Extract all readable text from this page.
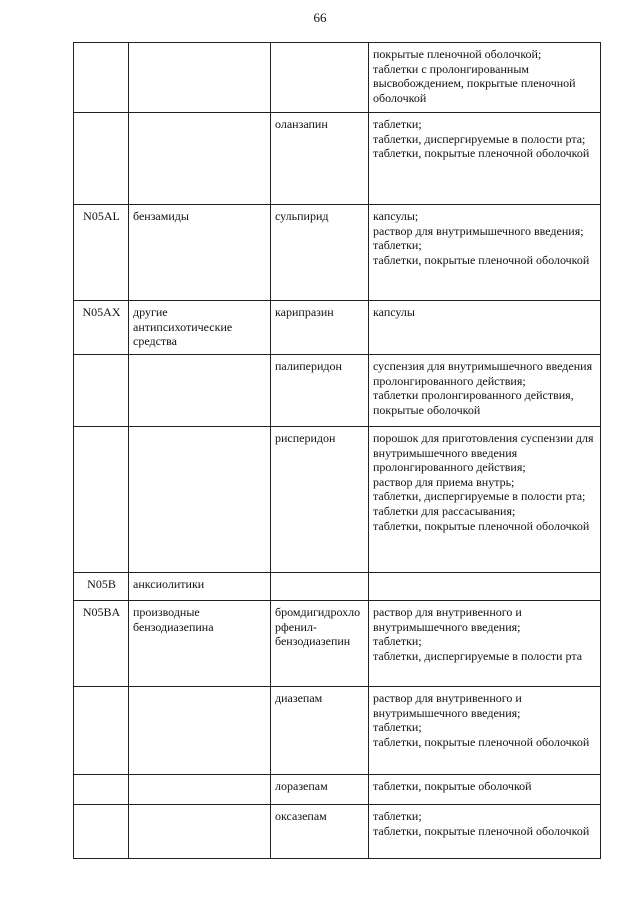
66

			покрытые пленочной оболочкой;
таблетки с пролонгированным высвобождением, покрытые пленочной оболочкой

		оланзапин	таблетки;
таблетки, диспергируемые в полости рта;
таблетки, покрытые пленочной оболочкой

N05AL	бензамиды	сульпирид	капсулы;
раствор для внутримышечного введения;
таблетки;
таблетки, покрытые пленочной оболочкой

N05AX	другие антипсихотические средства	карипразин	капсулы

		палиперидон	суспензия для внутримышечного введения пролонгированного действия;
таблетки пролонгированного действия, покрытые оболочкой

		рисперидон	порошок для приготовления суспензии для внутримышечного введения пролонгированного действия;
раствор для приема внутрь;
таблетки, диспергируемые в полости рта;
таблетки для рассасывания;
таблетки, покрытые пленочной оболочкой

N05B	анксиолитики		

N05BA	производные бензодиазепина	бромдигидрохлорфенил-бензодиазепин	раствор для внутривенного и внутримышечного введения;
таблетки;
таблетки, диспергируемые в полости рта

		диазепам	раствор для внутривенного и внутримышечного введения;
таблетки;
таблетки, покрытые пленочной оболочкой

		лоразепам	таблетки, покрытые оболочкой

		оксазепам	таблетки;
таблетки, покрытые пленочной оболочкой
